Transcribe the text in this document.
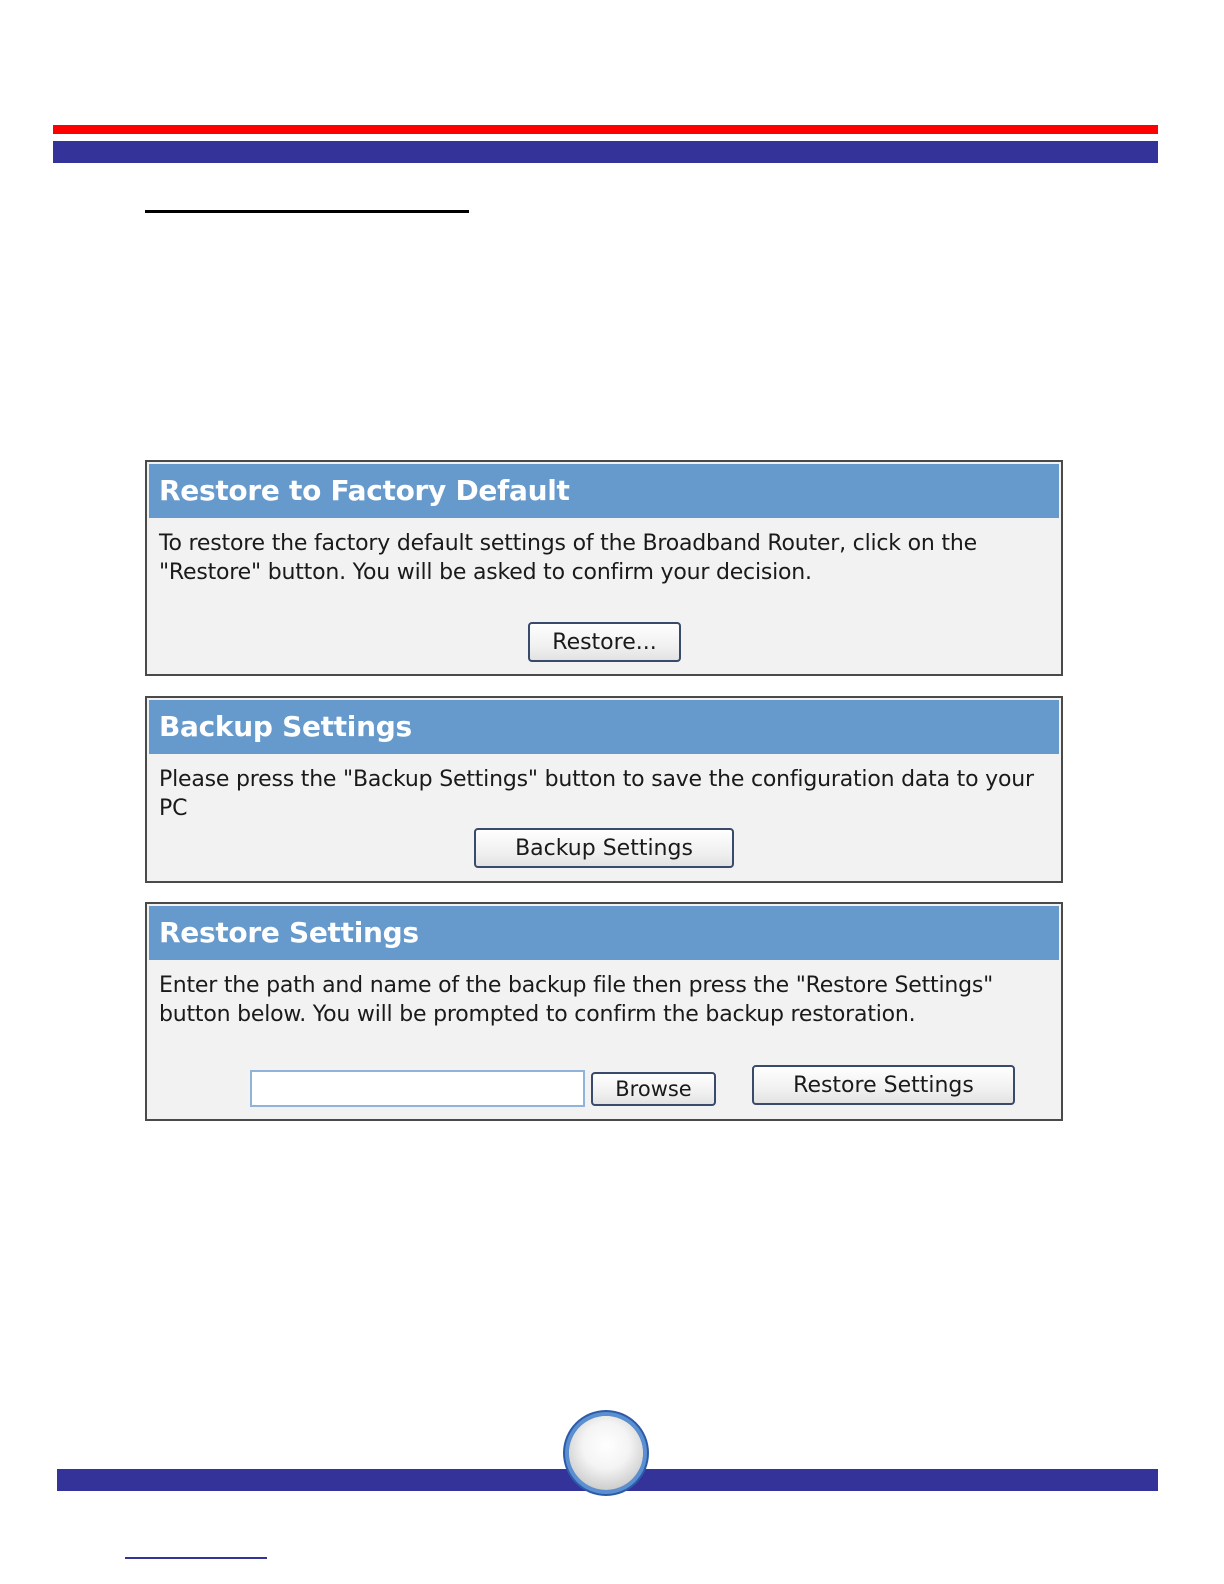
Restore to Factory Default
To restore the factory default settings of the Broadband Router, click on the "Restore" button. You will be asked to confirm your decision.
Restore...
Backup Settings
Please press the "Backup Settings" button to save the configuration data to your PC
Backup Settings
Restore Settings
Enter the path and name of the backup file then press the "Restore Settings" button below. You will be prompted to confirm the backup restoration.
Browse	Restore Settings
